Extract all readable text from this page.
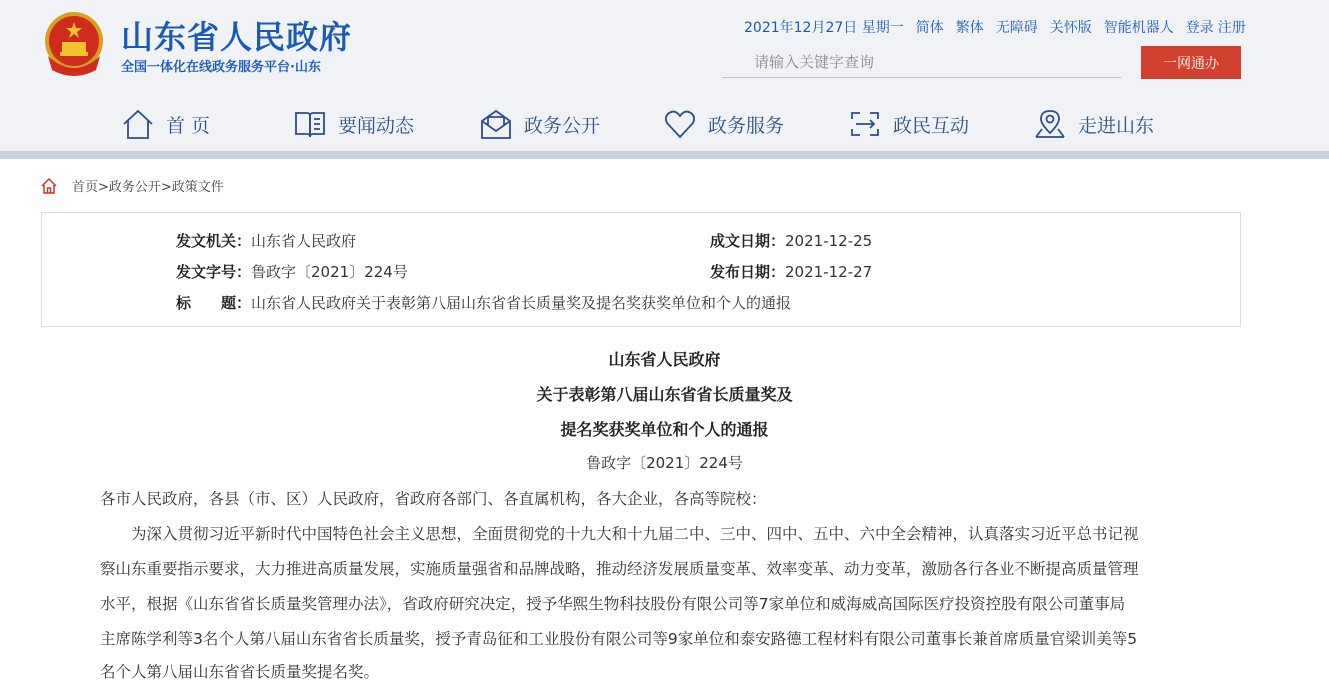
山东省人民政府
全国一体化在线政务服务平台·山东
2021年12月27日 星期一 简体 繁体 无障碍 关怀版 智能机器人 登录 注册
请输入关键字查询
一网通办
首 页	要闻动态	政务公开	政务服务	政民互动	走进山东
首页>政务公开>政策文件
发文机关：山东省人民政府	成文日期：2021-12-25
发文字号：鲁政字〔2021〕224号	发布日期：2021-12-27
标　　题：山东省人民政府关于表彰第八届山东省省长质量奖及提名奖获奖单位和个人的通报
山东省人民政府
关于表彰第八届山东省省长质量奖及
提名奖获奖单位和个人的通报
鲁政字〔2021〕224号
各市人民政府，各县（市、区）人民政府，省政府各部门、各直属机构，各大企业，各高等院校：
　　为深入贯彻习近平新时代中国特色社会主义思想，全面贯彻党的十九大和十九届二中、三中、四中、五中、六中全会精神，认真落实习近平总书记视
察山东重要指示要求，大力推进高质量发展，实施质量强省和品牌战略，推动经济发展质量变革、效率变革、动力变革，激励各行各业不断提高质量管理
水平，根据《山东省省长质量奖管理办法》，省政府研究决定，授予华熙生物科技股份有限公司等7家单位和威海威高国际医疗投资控股有限公司董事局
主席陈学利等3名个人第八届山东省省长质量奖，授予青岛征和工业股份有限公司等9家单位和泰安路德工程材料有限公司董事长兼首席质量官梁训美等5
名个人第八届山东省省长质量奖提名奖。
